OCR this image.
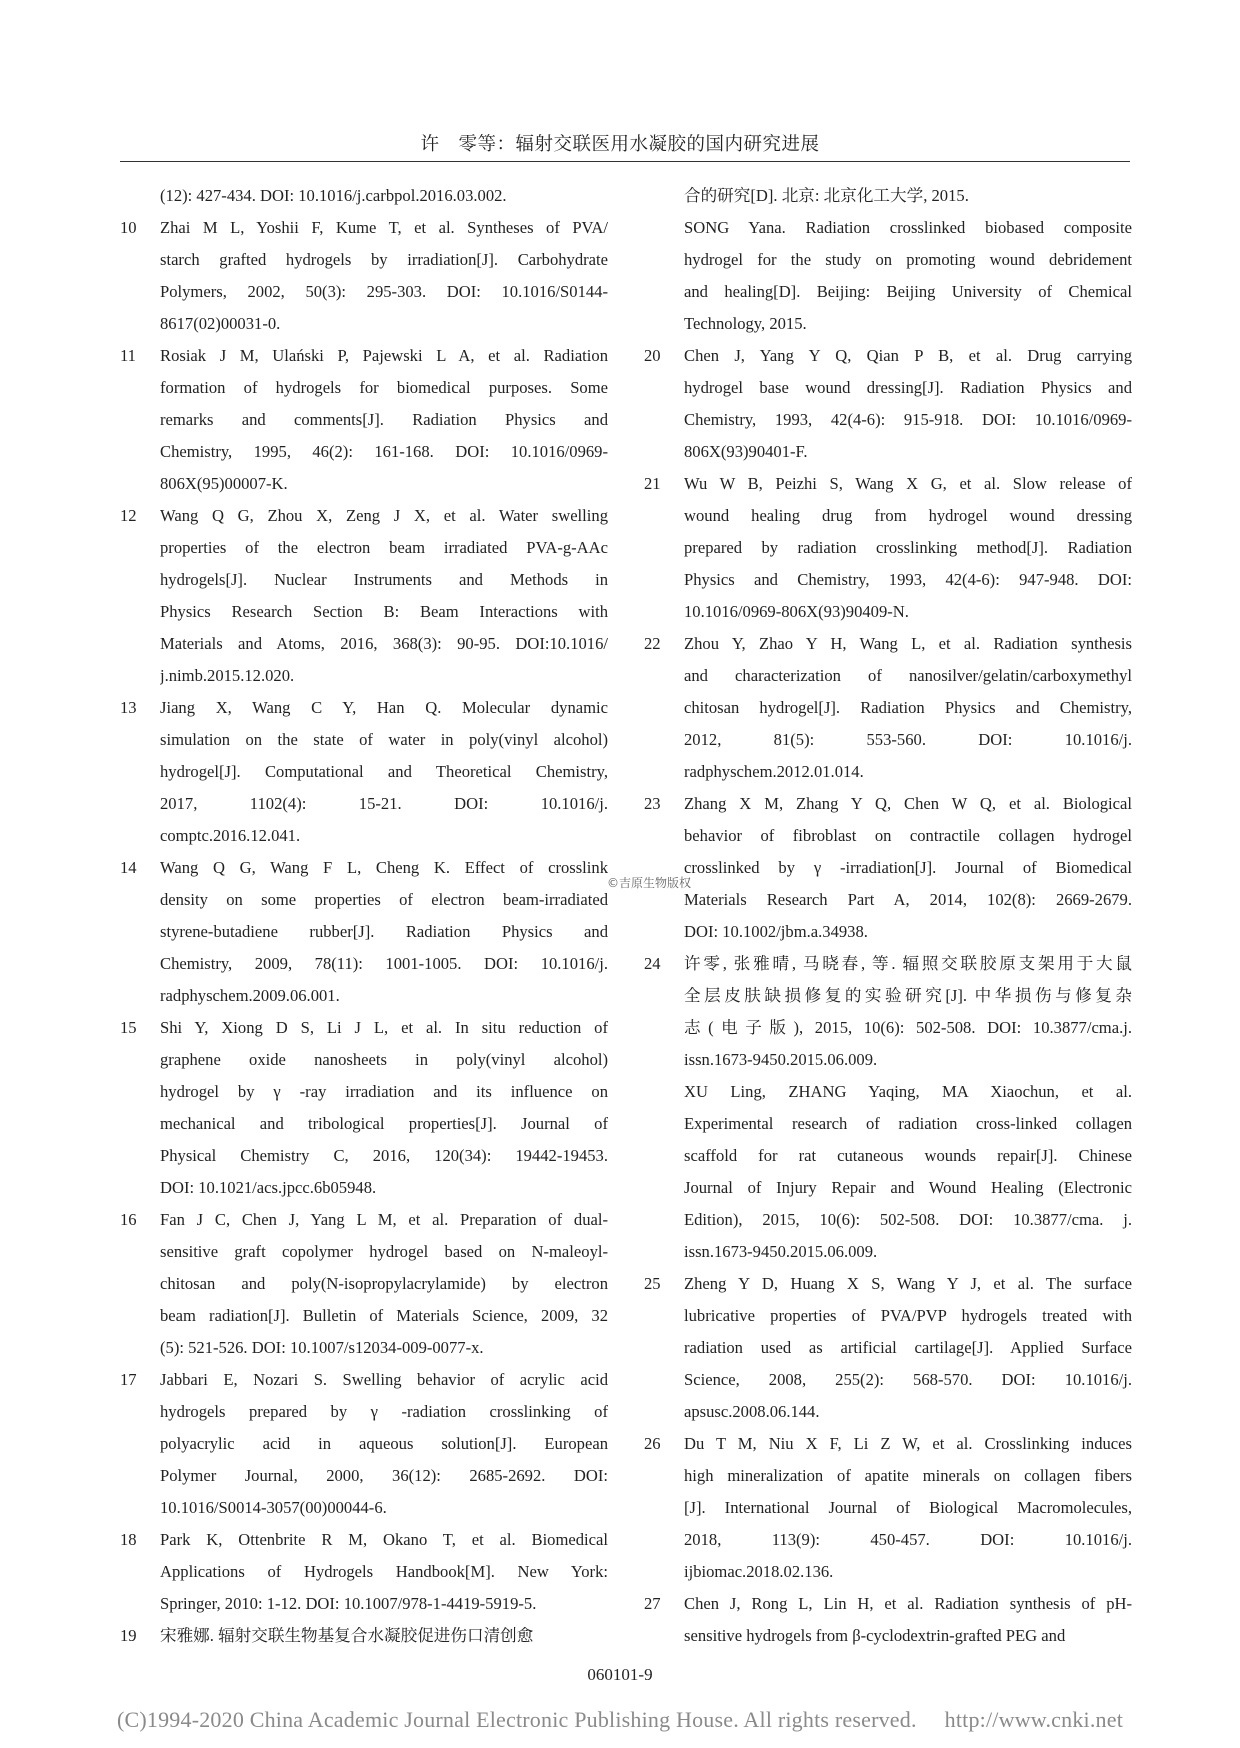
许　零等：辐射交联医用水凝胶的国内研究进展
(12): 427-434. DOI: 10.1016/j.carbpol.2016.03.002.
10 Zhai M L, Yoshii F, Kume T, et al. Syntheses of PVA/
starch grafted hydrogels by irradiation[J]. Carbohydrate
Polymers, 2002, 50(3): 295-303. DOI: 10.1016/S0144-
8617(02)00031-0.
11 Rosiak J M, Ulański P, Pajewski L A, et al. Radiation
formation of hydrogels for biomedical purposes. Some
remarks and comments[J]. Radiation Physics and
Chemistry, 1995, 46(2): 161-168. DOI: 10.1016/0969-
806X(95)00007-K.
12 Wang Q G, Zhou X, Zeng J X, et al. Water swelling
properties of the electron beam irradiated PVA-g-AAc
hydrogels[J]. Nuclear Instruments and Methods in
Physics Research Section B: Beam Interactions with
Materials and Atoms, 2016, 368(3): 90-95. DOI:10.1016/
j.nimb.2015.12.020.
13 Jiang X, Wang C Y, Han Q. Molecular dynamic
simulation on the state of water in poly(vinyl alcohol)
hydrogel[J]. Computational and Theoretical Chemistry,
2017, 1102(4): 15-21. DOI: 10.1016/j.
comptc.2016.12.041.
14 Wang Q G, Wang F L, Cheng K. Effect of crosslink
density on some properties of electron beam-irradiated
styrene-butadiene rubber[J]. Radiation Physics and
Chemistry, 2009, 78(11): 1001-1005. DOI: 10.1016/j.
radphyschem.2009.06.001.
15 Shi Y, Xiong D S, Li J L, et al. In situ reduction of
graphene oxide nanosheets in poly(vinyl alcohol)
hydrogel by γ -ray irradiation and its influence on
mechanical and tribological properties[J]. Journal of
Physical Chemistry C, 2016, 120(34): 19442-19453.
DOI: 10.1021/acs.jpcc.6b05948.
16 Fan J C, Chen J, Yang L M, et al. Preparation of dual-
sensitive graft copolymer hydrogel based on N-maleoyl-
chitosan and poly(N-isopropylacrylamide) by electron
beam radiation[J]. Bulletin of Materials Science, 2009, 32
(5): 521-526. DOI: 10.1007/s12034-009-0077-x.
17 Jabbari E, Nozari S. Swelling behavior of acrylic acid
hydrogels prepared by γ -radiation crosslinking of
polyacrylic acid in aqueous solution[J]. European
Polymer Journal, 2000, 36(12): 2685-2692. DOI:
10.1016/S0014-3057(00)00044-6.
18 Park K, Ottenbrite R M, Okano T, et al. Biomedical
Applications of Hydrogels Handbook[M]. New York:
Springer, 2010: 1-12. DOI: 10.1007/978-1-4419-5919-5.
19 宋雅娜. 辐射交联生物基复合水凝胶促进伤口清创愈
合的研究[D]. 北京: 北京化工大学, 2015.
SONG Yana. Radiation crosslinked biobased composite
hydrogel for the study on promoting wound debridement
and healing[D]. Beijing: Beijing University of Chemical
Technology, 2015.
20 Chen J, Yang Y Q, Qian P B, et al. Drug carrying
hydrogel base wound dressing[J]. Radiation Physics and
Chemistry, 1993, 42(4-6): 915-918. DOI: 10.1016/0969-
806X(93)90401-F.
21 Wu W B, Peizhi S, Wang X G, et al. Slow release of
wound healing drug from hydrogel wound dressing
prepared by radiation crosslinking method[J]. Radiation
Physics and Chemistry, 1993, 42(4-6): 947-948. DOI:
10.1016/0969-806X(93)90409-N.
22 Zhou Y, Zhao Y H, Wang L, et al. Radiation synthesis
and characterization of nanosilver/gelatin/carboxymethyl
chitosan hydrogel[J]. Radiation Physics and Chemistry,
2012, 81(5): 553-560. DOI: 10.1016/j.
radphyschem.2012.01.014.
23 Zhang X M, Zhang Y Q, Chen W Q, et al. Biological
behavior of fibroblast on contractile collagen hydrogel
crosslinked by γ -irradiation[J]. Journal of Biomedical
Materials Research Part A, 2014, 102(8): 2669-2679.
DOI: 10.1002/jbm.a.34938.
24 许零, 张雅晴, 马晓春, 等. 辐照交联胶原支架用于大鼠
全层皮肤缺损修复的实验研究[J]. 中华损伤与修复杂
志(电子版), 2015, 10(6): 502-508. DOI: 10.3877/cma.j.
issn.1673-9450.2015.06.009.
XU Ling, ZHANG Yaqing, MA Xiaochun, et al.
Experimental research of radiation cross-linked collagen
scaffold for rat cutaneous wounds repair[J]. Chinese
Journal of Injury Repair and Wound Healing (Electronic
Edition), 2015, 10(6): 502-508. DOI: 10.3877/cma. j.
issn.1673-9450.2015.06.009.
25 Zheng Y D, Huang X S, Wang Y J, et al. The surface
lubricative properties of PVA/PVP hydrogels treated with
radiation used as artificial cartilage[J]. Applied Surface
Science, 2008, 255(2): 568-570. DOI: 10.1016/j.
apsusc.2008.06.144.
26 Du T M, Niu X F, Li Z W, et al. Crosslinking induces
high mineralization of apatite minerals on collagen fibers
[J]. International Journal of Biological Macromolecules,
2018, 113(9): 450-457. DOI: 10.1016/j.
ijbiomac.2018.02.136.
27 Chen J, Rong L, Lin H, et al. Radiation synthesis of pH-
sensitive hydrogels from β-cyclodextrin-grafted PEG and
©吉原生物版权
060101-9
(C)1994-2020 China Academic Journal Electronic Publishing House. All rights reserved. http://www.cnki.net
